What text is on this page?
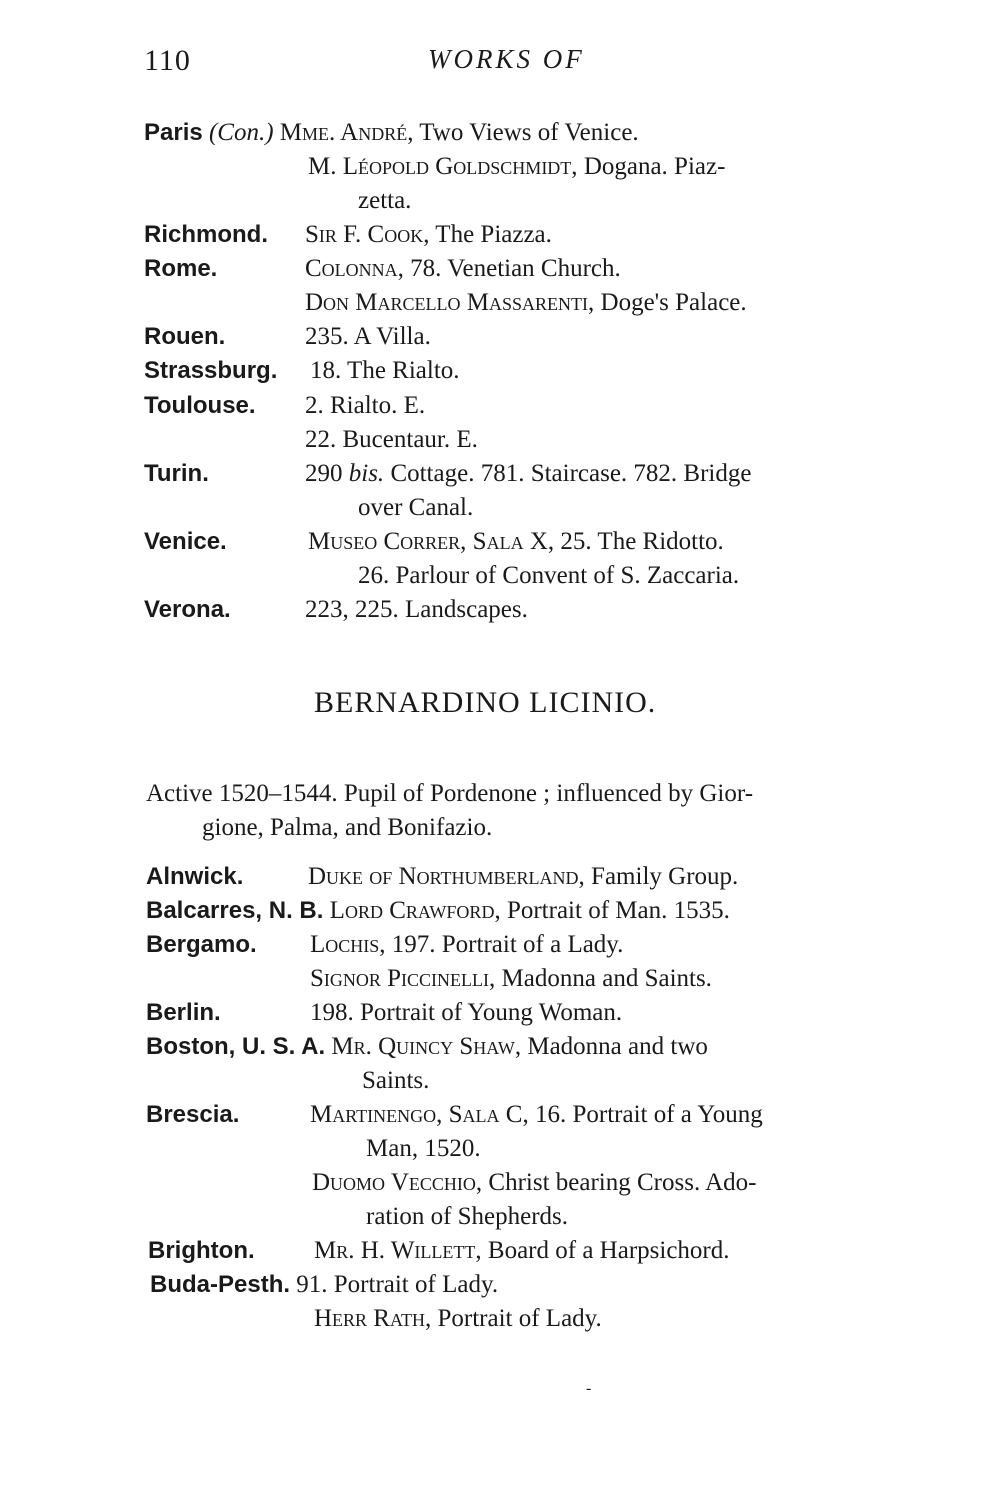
110	WORKS OF
Paris (Con.) Mme. André, Two Views of Venice.
M. Léopold Goldschmidt, Dogana. Piaz-
zetta.
Richmond. Sir F. Cook, The Piazza.
Rome.	Colonna, 78. Venetian Church.
Don Marcello Massarenti, Doge's Palace.
Rouen.	235. A Villa.
Strassburg. 18. The Rialto.
Toulouse. 2. Rialto. E.
22. Bucentaur. E.
Turin.	290 bis. Cottage. 781. Staircase. 782. Bridge
over Canal.
Venice.	Museo Correr, Sala X, 25. The Ridotto.
26. Parlour of Convent of S. Zaccaria.
Verona.	223, 225. Landscapes.
BERNARDINO LICINIO.
Active 1520–1544. Pupil of Pordenone ; influenced by Gior-
gione, Palma, and Bonifazio.
Alnwick.	Duke of Northumberland, Family Group.
Balcarres, N. B. Lord Crawford, Portrait of Man. 1535.
Bergamo. Lochis, 197. Portrait of a Lady.
Signor Piccinelli, Madonna and Saints.
Berlin.	198. Portrait of Young Woman.
Boston, U. S. A. Mr. Quincy Shaw, Madonna and two
Saints.
Brescia.	Martinengo, Sala C, 16. Portrait of a Young
Man, 1520.
Duomo Vecchio, Christ bearing Cross. Ado-
ration of Shepherds.
Brighton. Mr. H. Willett, Board of a Harpsichord.
Buda-Pesth. 91. Portrait of Lady.
Herr Rath, Portrait of Lady.
-
